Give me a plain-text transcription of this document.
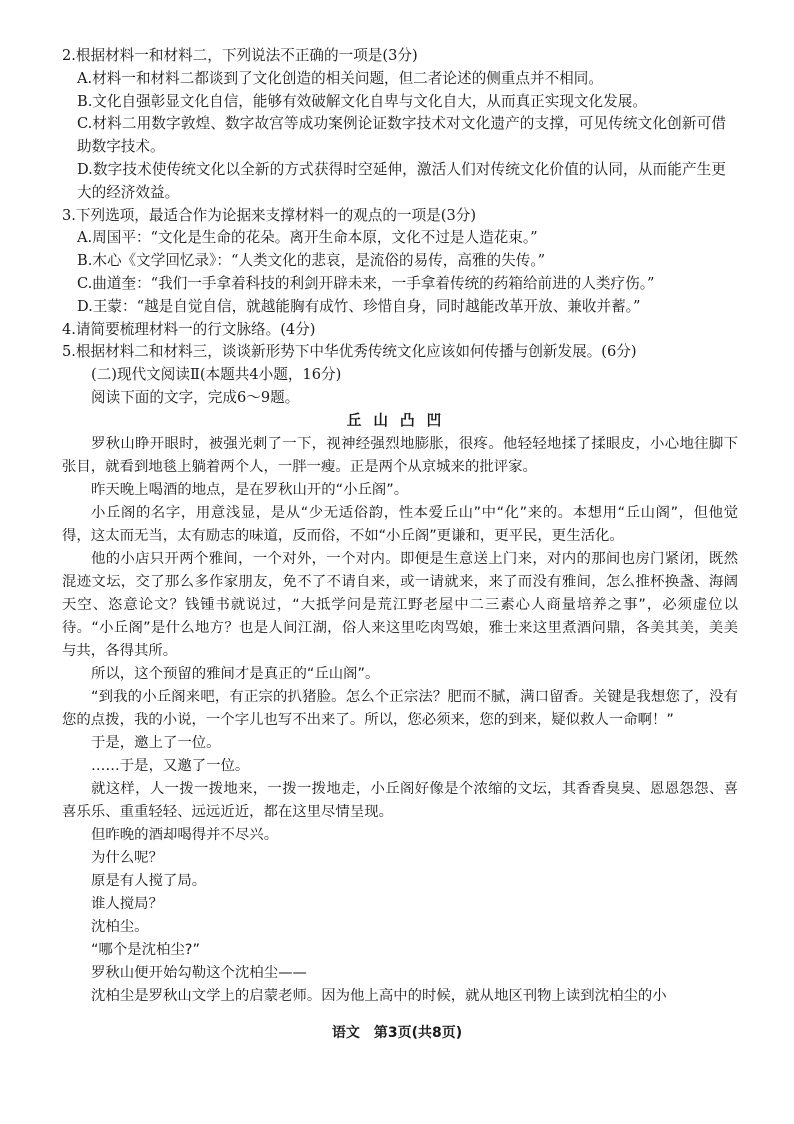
2.根据材料一和材料二，下列说法不正确的一项是(3分)

A.材料一和材料二都谈到了文化创造的相关问题，但二者论述的侧重点并不相同。

B.文化自强彰显文化自信，能够有效破解文化自卑与文化自大，从而真正实现文化发展。

C.材料二用数字敦煌、数字故宫等成功案例论证数字技术对文化遗产的支撑，可见传统文化创新可借助数字技术。

D.数字技术使传统文化以全新的方式获得时空延伸，激活人们对传统文化价值的认同，从而能产生更大的经济效益。

3.下列选项，最适合作为论据来支撑材料一的观点的一项是(3分)

A.周国平：“文化是生命的花朵。离开生命本原，文化不过是人造花束。”

B.木心《文学回忆录》：“人类文化的悲哀，是流俗的易传，高雅的失传。”

C.曲道奎：“我们一手拿着科技的利剑开辟未来，一手拿着传统的药箱给前进的人类疗伤。”

D.王蒙：“越是自觉自信，就越能胸有成竹、珍惜自身，同时越能改革开放、兼收并蓄。”

4.请简要梳理材料一的行文脉络。(4分)

5.根据材料二和材料三，谈谈新形势下中华优秀传统文化应该如何传播与创新发展。(6分)

(二)现代文阅读Ⅱ(本题共4小题，16分)

阅读下面的文字，完成6～9题。

丘山凸凹

罗秋山睁开眼时，被强光刺了一下，视神经强烈地膨胀，很疼。他轻轻地揉了揉眼皮，小心地往脚下张目，就看到地毯上躺着两个人，一胖一瘦。正是两个从京城来的批评家。

昨天晚上喝酒的地点，是在罗秋山开的“小丘阁”。

小丘阁的名字，用意浅显，是从“少无适俗韵，性本爱丘山”中“化”来的。本想用“丘山阁”，但他觉得，这太而无当，太有励志的味道，反而俗，不如“小丘阁”更谦和，更平民，更生活化。

他的小店只开两个雅间，一个对外，一个对内。即便是生意送上门来，对内的那间也房门紧闭，既然混迹文坛，交了那么多作家朋友，免不了不请自来，或一请就来，来了而没有雅间，怎么推杯换盏、海阔天空、恣意论文？钱锺书就说过，“大抵学问是荒江野老屋中二三素心人商量培养之事”，必须虚位以待。“小丘阁”是什么地方？也是人间江湖，俗人来这里吃肉骂娘，雅士来这里煮酒问鼎，各美其美，美美与共，各得其所。

所以，这个预留的雅间才是真正的“丘山阁”。

“到我的小丘阁来吧，有正宗的扒猪脸。怎么个正宗法？肥而不腻，满口留香。关键是我想您了，没有您的点拨，我的小说，一个字儿也写不出来了。所以，您必须来，您的到来，疑似救人一命啊！”

于是，邀上了一位。

……于是，又邀了一位。

就这样，人一拨一拨地来，一拨一拨地走，小丘阁好像是个浓缩的文坛，其香香臭臭、恩恩怨怨、喜喜乐乐、重重轻轻、远远近近，都在这里尽情呈现。

但昨晚的酒却喝得并不尽兴。

为什么呢？

原是有人搅了局。

谁人搅局？

沈柏尘。

“哪个是沈柏尘?”

罗秋山便开始勾勒这个沈柏尘——

沈柏尘是罗秋山文学上的启蒙老师。因为他上高中的时候，就从地区刊物上读到沈柏尘的小

语文　第3页(共8页)
